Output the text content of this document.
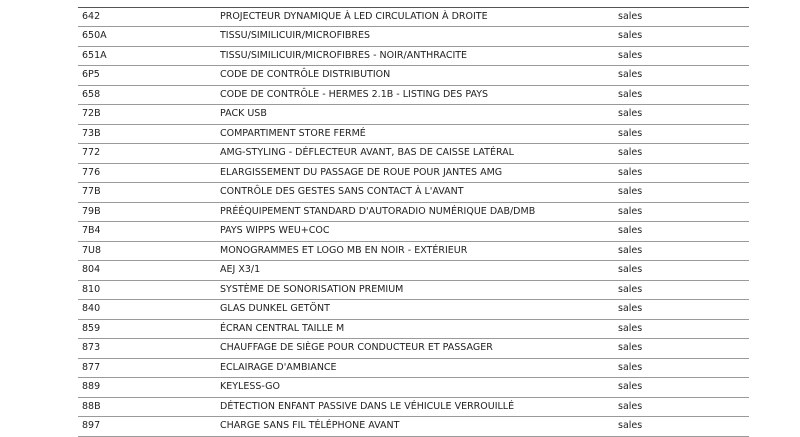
642	PROJECTEUR DYNAMIQUE À LED CIRCULATION À DROITE	sales
650A	TISSU/SIMILICUIR/MICROFIBRES	sales
651A	TISSU/SIMILICUIR/MICROFIBRES - NOIR/ANTHRACITE	sales
6P5	CODE DE CONTRÔLE DISTRIBUTION	sales
658	CODE DE CONTRÔLE - HERMES 2.1B - LISTING DES PAYS	sales
72B	PACK USB	sales
73B	COMPARTIMENT STORE FERMÉ	sales
772	AMG-STYLING - DÉFLECTEUR AVANT, BAS DE CAISSE LATÉRAL	sales
776	ELARGISSEMENT DU PASSAGE DE ROUE POUR JANTES AMG	sales
77B	CONTRÔLE DES GESTES SANS CONTACT À L'AVANT	sales
79B	PRÉÉQUIPEMENT STANDARD D'AUTORADIO NUMÉRIQUE DAB/DMB	sales
7B4	PAYS WIPPS WEU+COC	sales
7U8	MONOGRAMMES ET LOGO MB EN NOIR - EXTÉRIEUR	sales
804	AEJ X3/1	sales
810	SYSTÈME DE SONORISATION PREMIUM	sales
840	GLAS DUNKEL GETÖNT	sales
859	ÉCRAN CENTRAL TAILLE M	sales
873	CHAUFFAGE DE SIÈGE POUR CONDUCTEUR ET PASSAGER	sales
877	ECLAIRAGE D'AMBIANCE	sales
889	KEYLESS-GO	sales
88B	DÉTECTION ENFANT PASSIVE DANS LE VÉHICULE VERROUILLÉ	sales
897	CHARGE SANS FIL TÉLÉPHONE AVANT	sales
